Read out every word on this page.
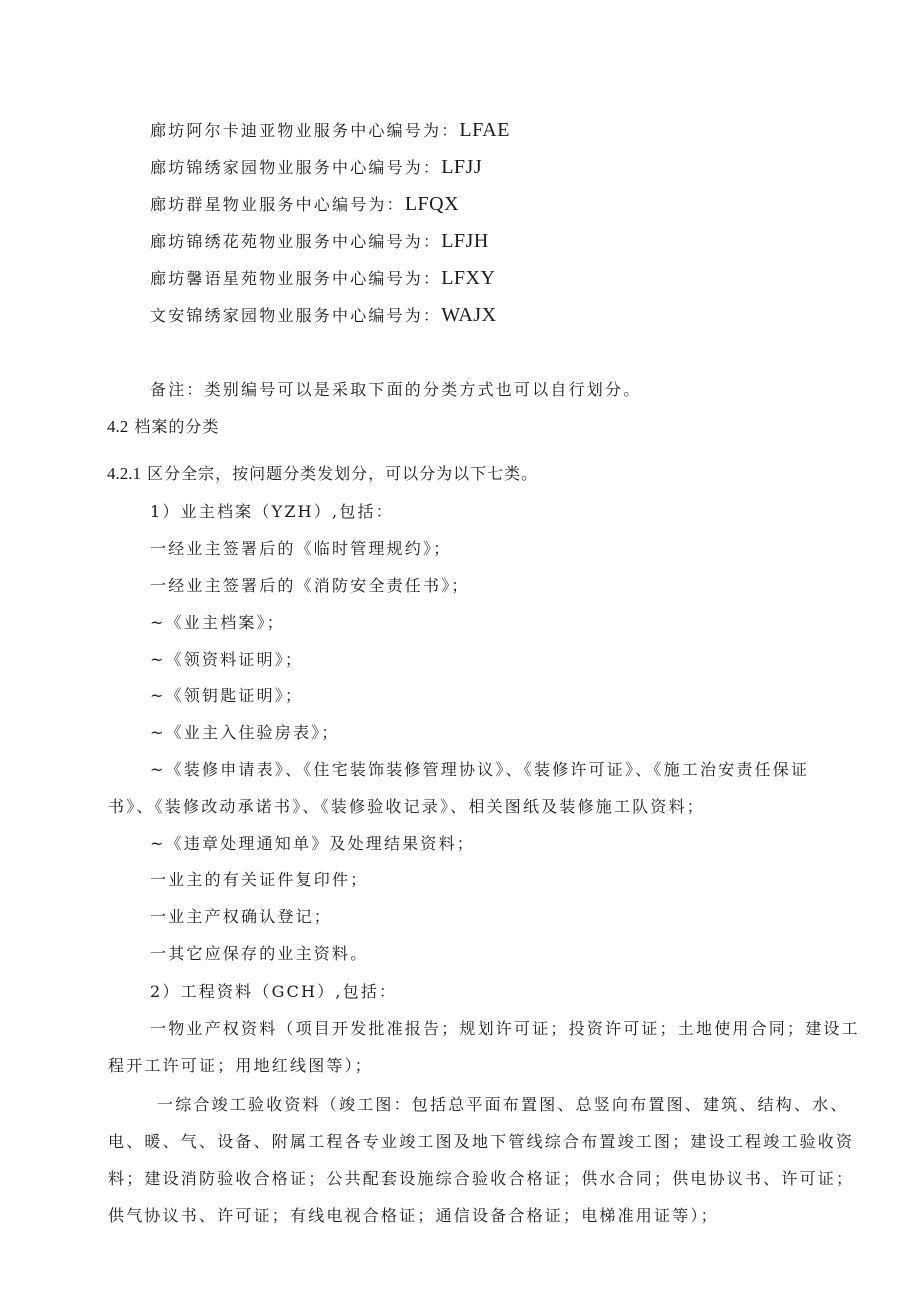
廊坊阿尔卡迪亚物业服务中心编号为：LFAE
廊坊锦绣家园物业服务中心编号为：LFJJ
廊坊群星物业服务中心编号为：LFQX
廊坊锦绣花苑物业服务中心编号为：LFJH
廊坊馨语星苑物业服务中心编号为：LFXY
文安锦绣家园物业服务中心编号为：WAJX
备注：类别编号可以是采取下面的分类方式也可以自行划分。
4.2 档案的分类
4.2.1 区分全宗，按问题分类发划分，可以分为以下七类。
1）业主档案（YZH）,包括：
一经业主签署后的《临时管理规约》；
一经业主签署后的《消防安全责任书》；
~《业主档案》；
~《领资料证明》；
~《领钥匙证明》；
~《业主入住验房表》；
~《装修申请表》、《住宅装饰装修管理协议》、《装修许可证》、《施工治安责任保证
书》、《装修改动承诺书》、《装修验收记录》、相关图纸及装修施工队资料；
~《违章处理通知单》及处理结果资料；
一业主的有关证件复印件；
一业主产权确认登记；
一其它应保存的业主资料。
2）工程资料（GCH）,包括：
一物业产权资料（项目开发批准报告；规划许可证；投资许可证；土地使用合同；建设工
程开工许可证；用地红线图等）；
一综合竣工验收资料（竣工图：包括总平面布置图、总竖向布置图、建筑、结构、水、
电、暖、气、设备、附属工程各专业竣工图及地下管线综合布置竣工图；建设工程竣工验收资
料；建设消防验收合格证；公共配套设施综合验收合格证；供水合同；供电协议书、许可证；
供气协议书、许可证；有线电视合格证；通信设备合格证；电梯准用证等）；
